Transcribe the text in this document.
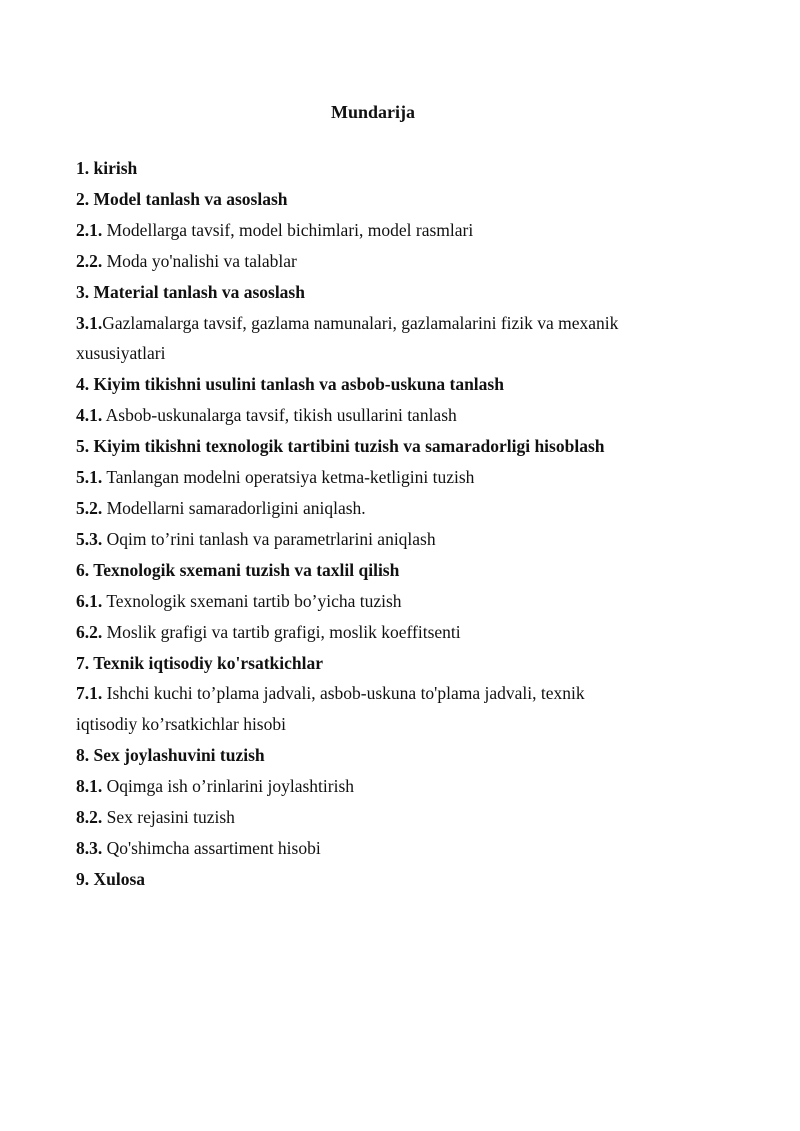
Mundarija
1. kirish
2. Model tanlash va asoslash
2.1. Modellarga tavsif, model bichimlari, model rasmlari
2.2. Moda yo'nalishi va talablar
3. Material tanlash va asoslash
3.1.Gazlamalarga tavsif, gazlama namunalari, gazlamalarini fizik va mexanik
xususiyatlari
4. Kiyim tikishni usulini tanlash va asbob-uskuna tanlash
4.1. Asbob-uskunalarga tavsif, tikish usullarini tanlash
5. Kiyim tikishni texnologik tartibini tuzish va samaradorligi hisoblash
5.1. Tanlangan modelni operatsiya ketma-ketligini tuzish
5.2. Modellarni samaradorligini aniqlash.
5.3. Oqim to’rini tanlash va parametrlarini aniqlash
6. Texnologik sxemani tuzish va taxlil qilish
6.1. Texnologik sxemani tartib bo’yicha tuzish
6.2. Moslik grafigi va tartib grafigi, moslik koeffitsenti
7. Texnik iqtisodiy ko'rsatkichlar
7.1. Ishchi kuchi to’plama jadvali, asbob-uskuna to'plama jadvali, texnik
iqtisodiy ko’rsatkichlar hisobi
8. Sex joylashuvini tuzish
8.1. Oqimga ish o’rinlarini joylashtirish
8.2. Sex rejasini tuzish
8.3. Qo'shimcha assartiment hisobi
9. Xulosa
